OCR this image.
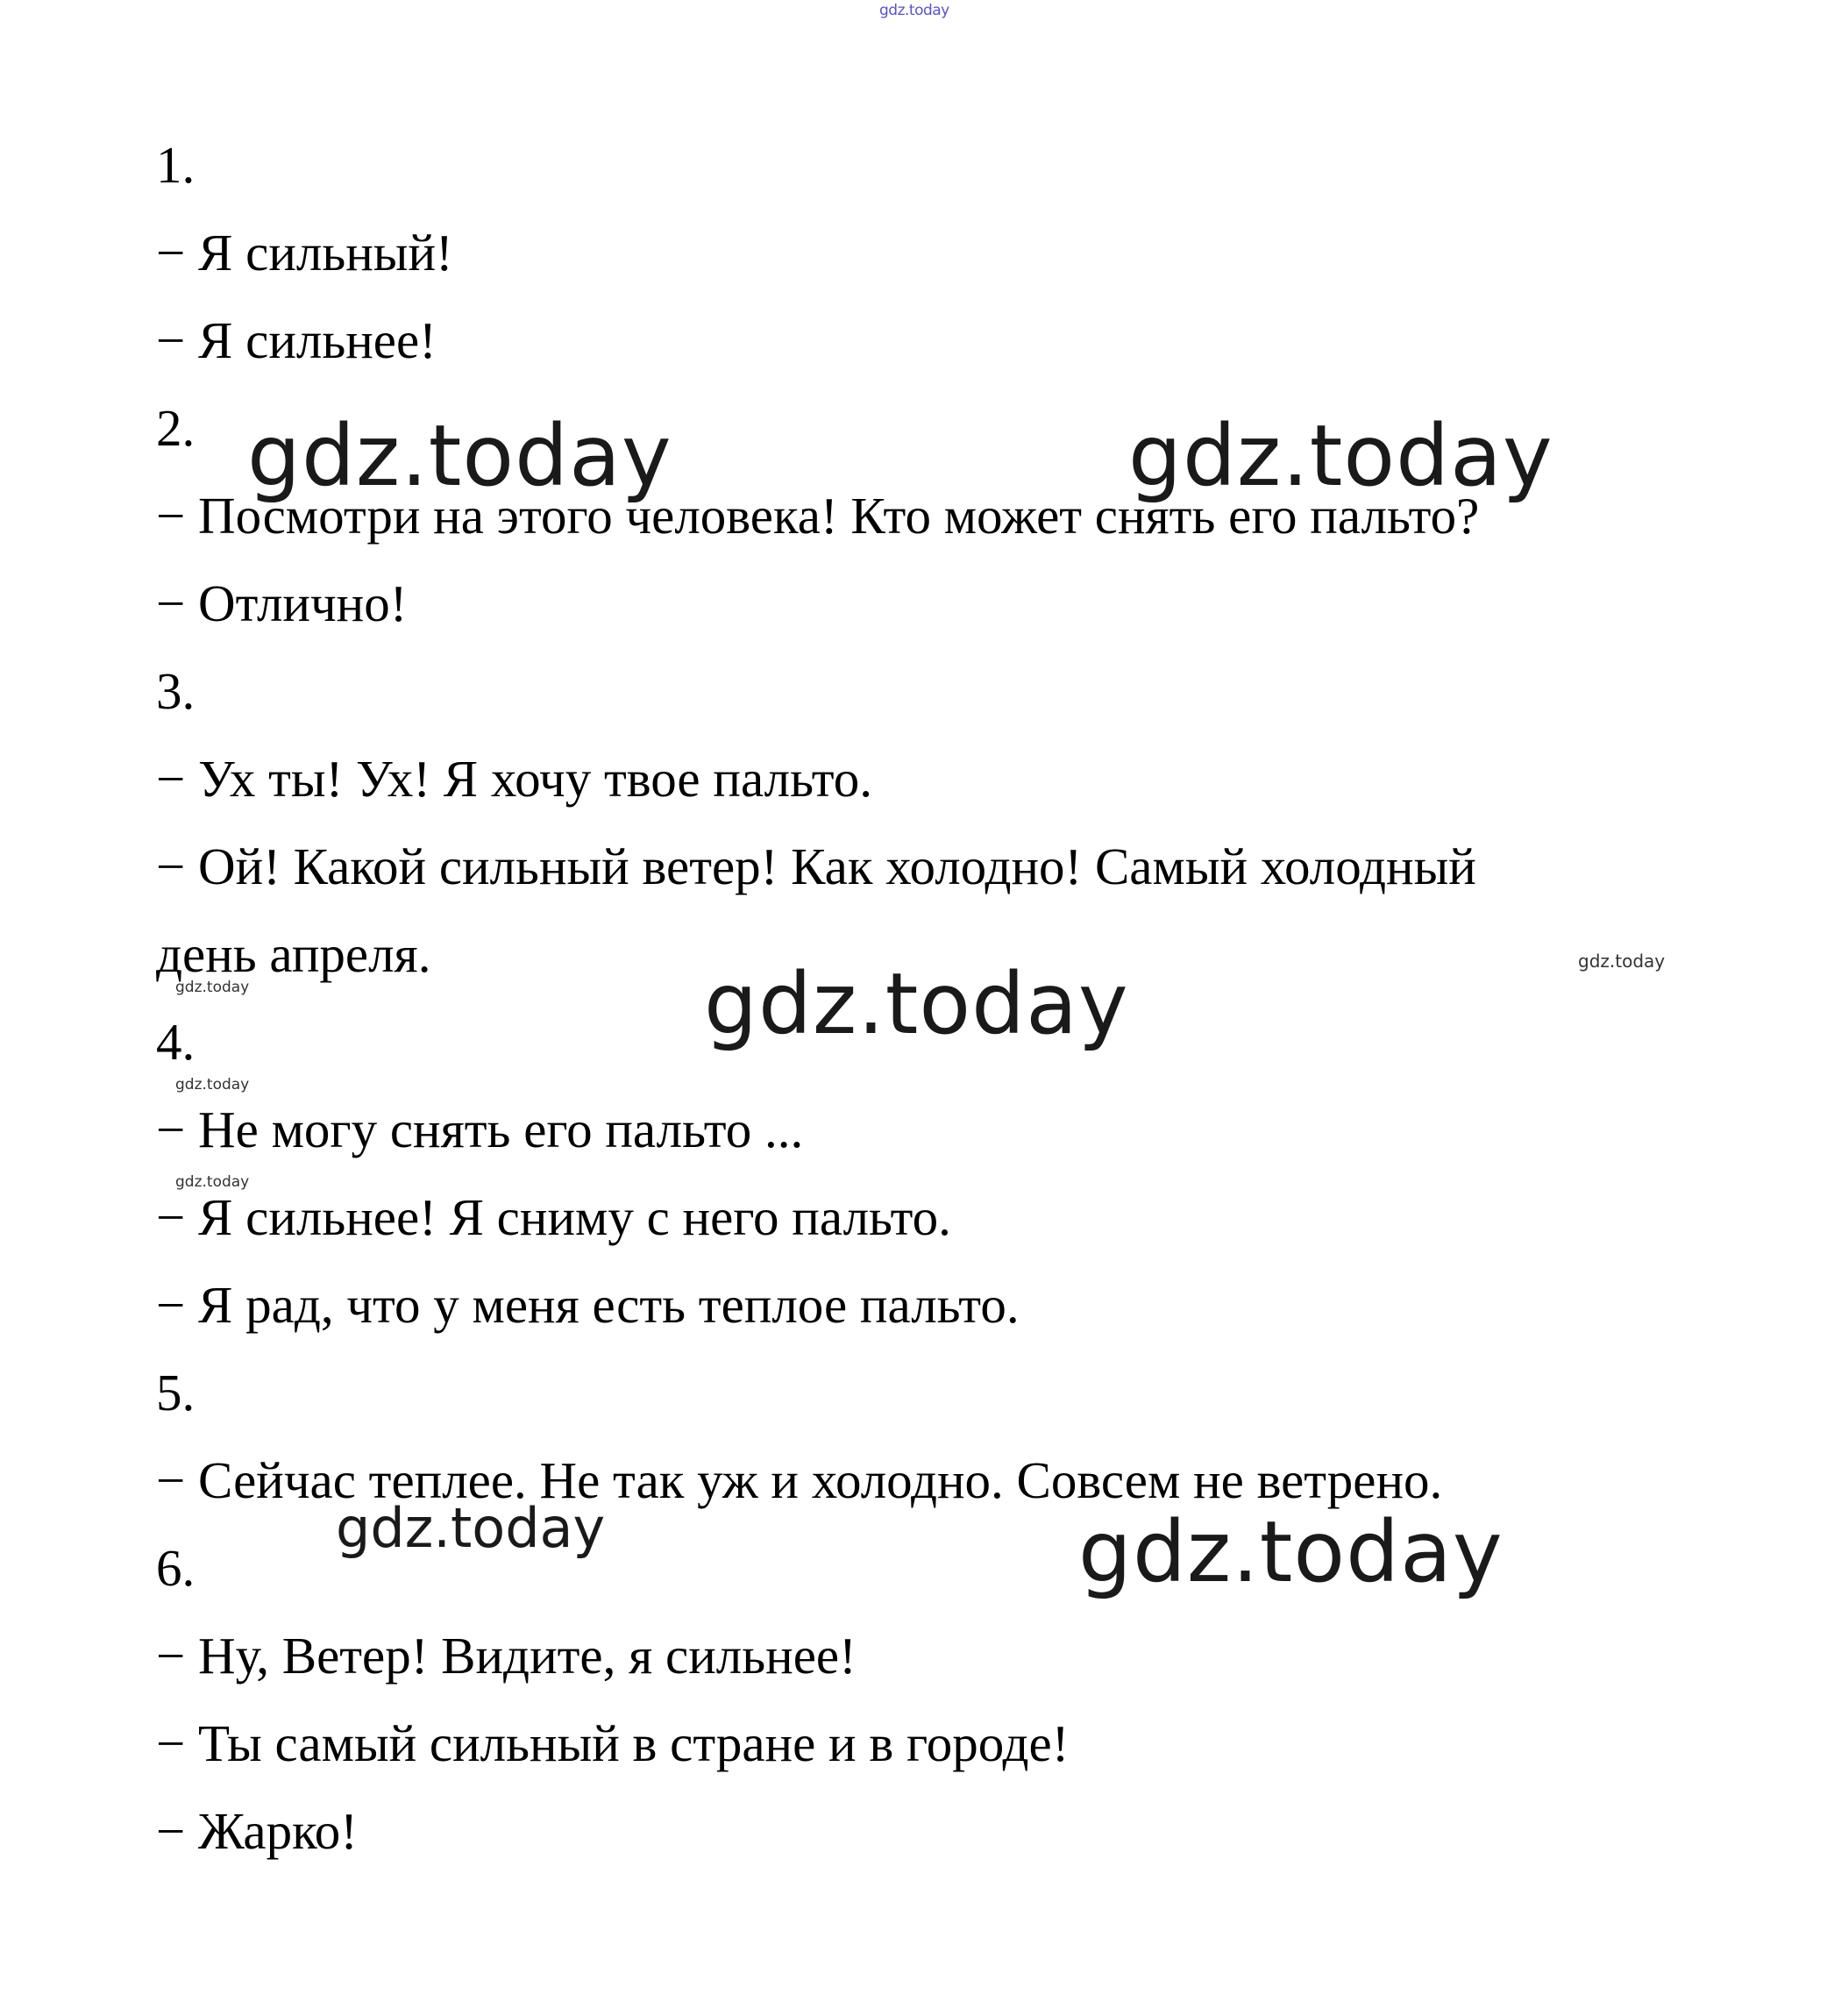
gdz.today

1.

− Я сильный!

− Я сильнее!

2.

− Посмотри на этого человека! Кто может снять его пальто?

− Отлично!

3.

− Ух ты! Ух! Я хочу твое пальто.

− Ой! Какой сильный ветер! Как холодно! Самый холодный

день апреля.

4.

− Не могу снять его пальто ...

− Я сильнее! Я сниму с него пальто.

− Я рад, что у меня есть теплое пальто.

5.

− Сейчас теплее. Не так уж и холодно. Совсем не ветрено.

6.

− Ну, Ветер! Видите, я сильнее!

− Ты самый сильный в стране и в городе!

− Жарко!

gdz.today	gdz.today
gdz.today
gdz.today
gdz.today
gdz.today
gdz.today
gdz.today
gdz.today
